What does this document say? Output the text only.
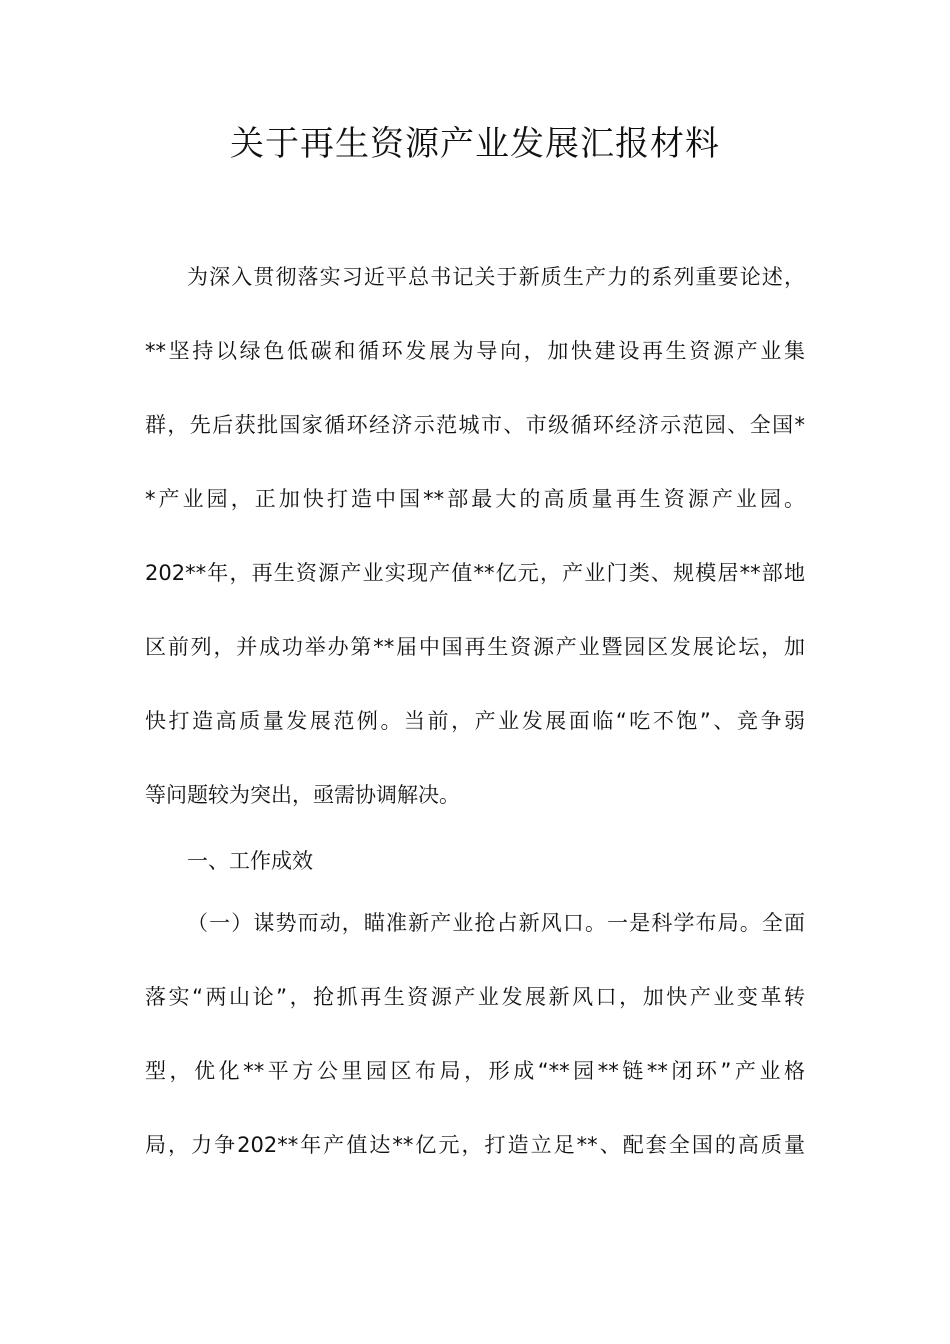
关于再生资源产业发展汇报材料
为深入贯彻落实习近平总书记关于新质生产力的系列重要论述，
**坚持以绿色低碳和循环发展为导向，加快建设再生资源产业集
群，先后获批国家循环经济示范城市、市级循环经济示范园、全国*
*产业园，正加快打造中国**部最大的高质量再生资源产业园。
202**年，再生资源产业实现产值**亿元，产业门类、规模居**部地
区前列，并成功举办第**届中国再生资源产业暨园区发展论坛，加
快打造高质量发展范例。当前，产业发展面临“吃不饱”、竞争弱
等问题较为突出，亟需协调解决。
一、工作成效
（一）谋势而动，瞄准新产业抢占新风口。一是科学布局。全面
落实“两山论”，抢抓再生资源产业发展新风口，加快产业变革转
型，优化**平方公里园区布局，形成“**园**链**闭环”产业格
局，力争202**年产值达**亿元，打造立足**、配套全国的高质量
